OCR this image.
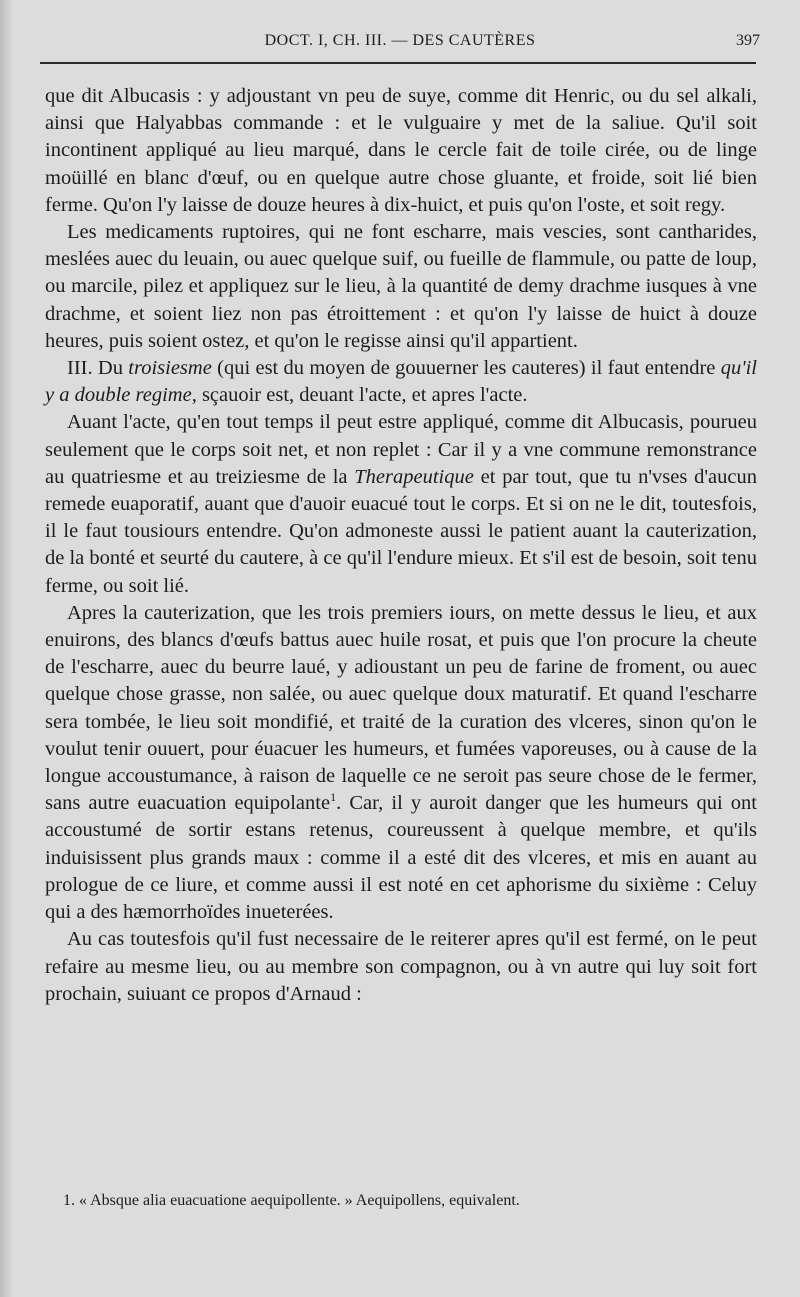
DOCT. I, CH. III. — DES CAUTÈRES	397

que dit Albucasis : y adjoustant vn peu de suye, comme dit Henric, ou du sel alkali, ainsi que Halyabbas commande : et le vulguaire y met de la saliue. Qu'il soit incontinent appliqué au lieu marqué, dans le cercle fait de toile cirée, ou de linge moüillé en blanc d'œuf, ou en quelque autre chose gluante, et froide, soit lié bien ferme. Qu'on l'y laisse de douze heures à dix-huict, et puis qu'on l'oste, et soit regy.

Les medicaments ruptoires, qui ne font escharre, mais vescies, sont cantharides, meslées auec du leuain, ou auec quelque suif, ou fueille de flammule, ou patte de loup, ou marcile, pilez et appliquez sur le lieu, à la quantité de demy drachme iusques à vne drachme, et soient liez non pas étroittement : et qu'on l'y laisse de huict à douze heures, puis soient ostez, et qu'on le regisse ainsi qu'il appartient.

III. Du troisiesme (qui est du moyen de gouuerner les cauteres) il faut entendre qu'il y a double regime, sçauoir est, deuant l'acte, et apres l'acte.

Auant l'acte, qu'en tout temps il peut estre appliqué, comme dit Albucasis, pourueu seulement que le corps soit net, et non replet : Car il y a vne commune remonstrance au quatriesme et au treiziesme de la Therapeutique et par tout, que tu n'vses d'aucun remede euaporatif, auant que d'auoir euacué tout le corps. Et si on ne le dit, toutesfois, il le faut tousiours entendre. Qu'on admoneste aussi le patient auant la cauterization, de la bonté et seurté du cautere, à ce qu'il l'endure mieux. Et s'il est de besoin, soit tenu ferme, ou soit lié.

Apres la cauterization, que les trois premiers iours, on mette dessus le lieu, et aux enuirons, des blancs d'œufs battus auec huile rosat, et puis que l'on procure la cheute de l'escharre, auec du beurre laué, y adioustant un peu de farine de froment, ou auec quelque chose grasse, non salée, ou auec quelque doux maturatif. Et quand l'escharre sera tombée, le lieu soit mondifié, et traité de la curation des vlceres, sinon qu'on le voulut tenir ouuert, pour éuacuer les humeurs, et fumées vaporeuses, ou à cause de la longue accoustumance, à raison de laquelle ce ne seroit pas seure chose de le fermer, sans autre euacuation equipolante$^1$. Car, il y auroit danger que les humeurs qui ont accoustumé de sortir estans retenus, coureussent à quelque membre, et qu'ils induisissent plus grands maux : comme il a esté dit des vlceres, et mis en auant au prologue de ce liure, et comme aussi il est noté en cet aphorisme du sixième : Celuy qui a des hæmorrhoïdes inueterées.

Au cas toutesfois qu'il fust necessaire de le reiterer apres qu'il est fermé, on le peut refaire au mesme lieu, ou au membre son compagnon, ou à vn autre qui luy soit fort prochain, suiuant ce propos d'Arnaud :

1. « Absque alia euacuatione aequipollente. » Aequipollens, equivalent.
